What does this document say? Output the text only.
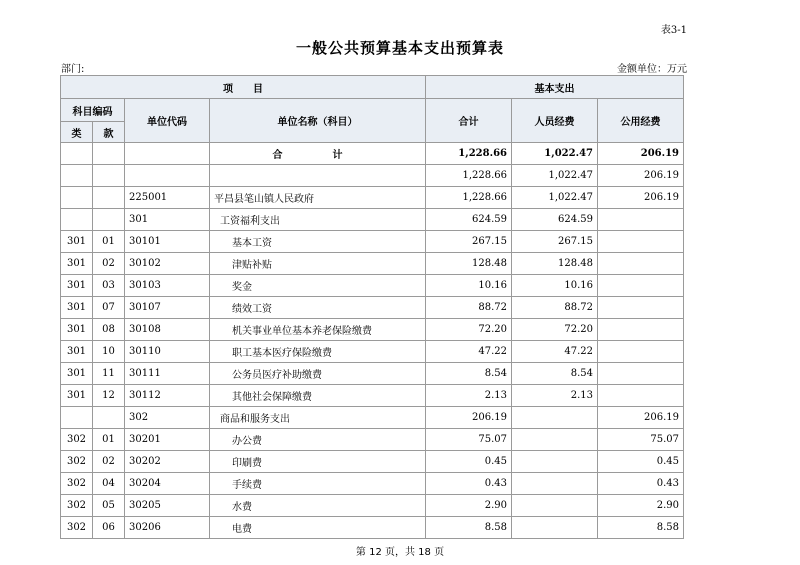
表3-1
一般公共预算基本支出预算表
部门:	金额单位：万元
项　　目				基本支出		
科目编码		单位代码	单位名称（科目）	合计	人员经费	公用经费
类	款					
			合　计	1,228.66	1,022.47	206.19
				1,228.66	1,022.47	206.19
		225001	平昌县笔山镇人民政府	1,228.66	1,022.47	206.19
		301	工资福利支出	624.59	624.59	
301	01	30101	基本工资	267.15	267.15	
301	02	30102	津贴补贴	128.48	128.48	
301	03	30103	奖金	10.16	10.16	
301	07	30107	绩效工资	88.72	88.72	
301	08	30108	机关事业单位基本养老保险缴费	72.20	72.20	
301	10	30110	职工基本医疗保险缴费	47.22	47.22	
301	11	30111	公务员医疗补助缴费	8.54	8.54	
301	12	30112	其他社会保障缴费	2.13	2.13	
		302	商品和服务支出	206.19		206.19
302	01	30201	办公费	75.07		75.07
302	02	30202	印刷费	0.45		0.45
302	04	30204	手续费	0.43		0.43
302	05	30205	水费	2.90		2.90
302	06	30206	电费	8.58		8.58
第 12 页，共 18 页
